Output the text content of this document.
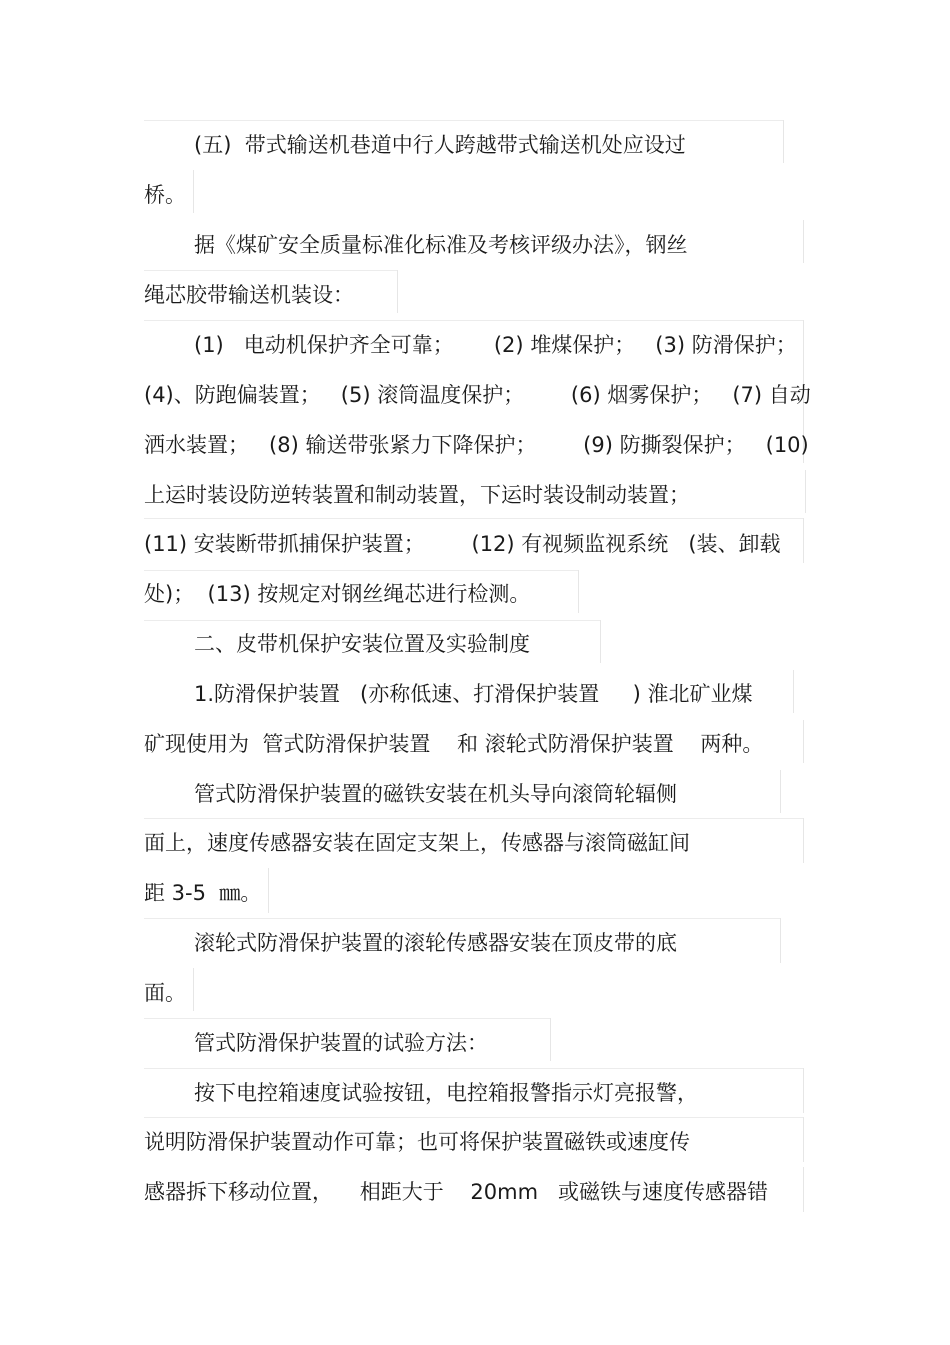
(五)  带式输送机巷道中行人跨越带式输送机处应设过
桥。
据《煤矿安全质量标准化标准及考核评级办法》，钢丝
绳芯胶带输送机装设：
(1)   电动机保护齐全可靠；      (2) 堆煤保护；   (3) 防滑保护；
(4)、防跑偏装置；   (5) 滚筒温度保护；       (6) 烟雾保护；   (7) 自动
洒水装置；   (8) 输送带张紧力下降保护；       (9) 防撕裂保护；   (10)
上运时装设防逆转装置和制动装置，下运时装设制动装置；
(11) 安装断带抓捕保护装置；       (12) 有视频监视系统   (装、卸载
处)；  (13) 按规定对钢丝绳芯进行检测。
二、皮带机保护安装位置及实验制度
1.防滑保护装置   (亦称低速、打滑保护装置     ) 淮北矿业煤
矿现使用为  管式防滑保护装置    和 滚轮式防滑保护装置    两种。
管式防滑保护装置的磁铁安装在机头导向滚筒轮辐侧
面上，速度传感器安装在固定支架上，传感器与滚筒磁缸间
距 3-5  ㎜。
滚轮式防滑保护装置的滚轮传感器安装在顶皮带的底
面。
管式防滑保护装置的试验方法：
按下电控箱速度试验按钮，电控箱报警指示灯亮报警，
说明防滑保护装置动作可靠；也可将保护装置磁铁或速度传
感器拆下移动位置，    相距大于    20mm   或磁铁与速度传感器错
